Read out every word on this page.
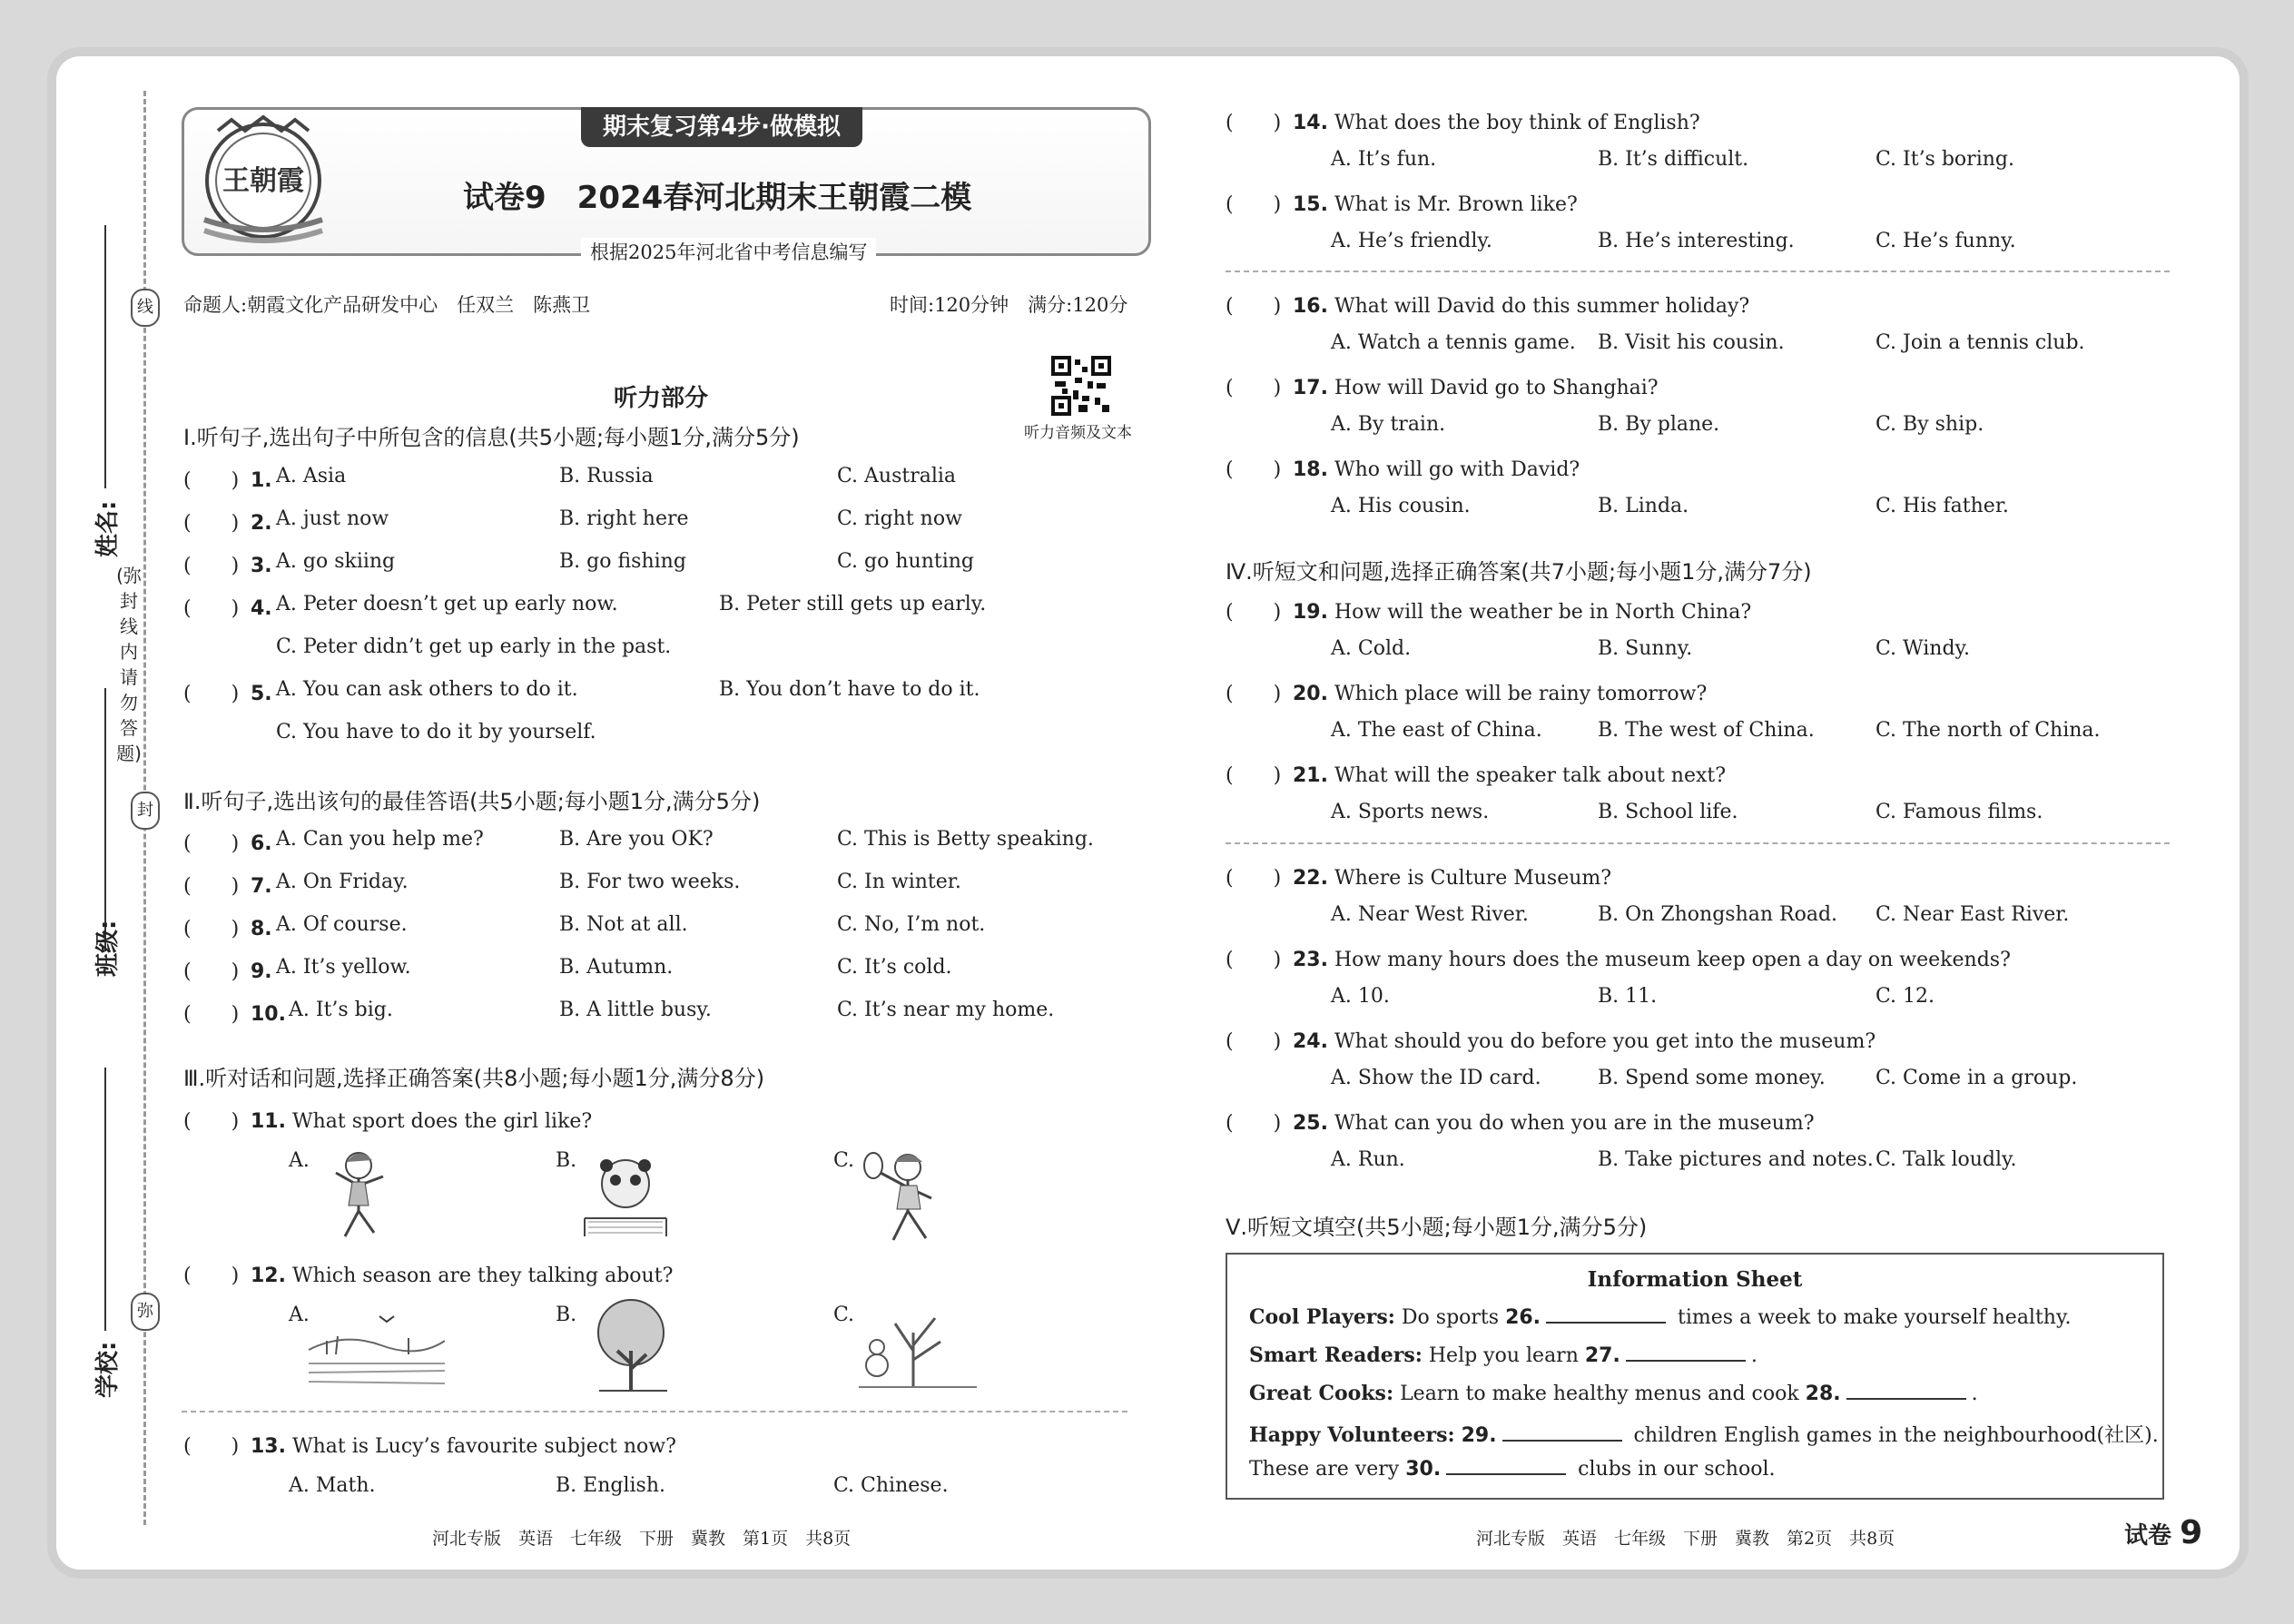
线
封
弥
(弥封线内请勿答题)
姓名:
班级:
学校:
期末复习第4步·做模拟
王朝霞	试卷9　2024春河北期末王朝霞二模
根据2025年河北省中考信息编写
命题人:朝霞文化产品研发中心　任双兰　陈燕卫	时间:120分钟　满分:120分
听力音频及文本
听力部分
Ⅰ.听句子,选出句子中所包含的信息(共5小题;每小题1分,满分5分)
(　　) 1. A. Asia	B. Russia	C. Australia
(　　) 2. A. just now	B. right here	C. right now
(　　) 3. A. go skiing	B. go fishing	C. go hunting
(　　) 4. A. Peter doesn’t get up early now.	B. Peter still gets up early.
C. Peter didn’t get up early in the past.
(　　) 5. A. You can ask others to do it.	B. You don’t have to do it.
C. You have to do it by yourself.
Ⅱ.听句子,选出该句的最佳答语(共5小题;每小题1分,满分5分)
(　　) 6. A. Can you help me?	B. Are you OK?	C. This is Betty speaking.
(　　) 7. A. On Friday.	B. For two weeks.	C. In winter.
(　　) 8. A. Of course.	B. Not at all.	C. No, I’m not.
(　　) 9. A. It’s yellow.	B. Autumn.	C. It’s cold.
(　　) 10. A. It’s big.	B. A little busy.	C. It’s near my home.
Ⅲ.听对话和问题,选择正确答案(共8小题;每小题1分,满分8分)
(　　) 11. What sport does the girl like?
A.	B.	C.
(　　) 12. Which season are they talking about?
A.	B.	C.
(　　) 13. What is Lucy’s favourite subject now?
A. Math.	B. English.	C. Chinese.
河北专版　英语　七年级　下册　冀教　第1页　共8页
(　　) 14. What does the boy think of English?
A. It’s fun.	B. It’s difficult.	C. It’s boring.
(　　) 15. What is Mr. Brown like?
A. He’s friendly.	B. He’s interesting.	C. He’s funny.
(　　) 16. What will David do this summer holiday?
A. Watch a tennis game. B. Visit his cousin.	C. Join a tennis club.
(　　) 17. How will David go to Shanghai?
A. By train.	B. By plane.	C. By ship.
(　　) 18. Who will go with David?
A. His cousin.	B. Linda.	C. His father.
Ⅳ.听短文和问题,选择正确答案(共7小题;每小题1分,满分7分)
(　　) 19. How will the weather be in North China?
A. Cold.	B. Sunny.	C. Windy.
(　　) 20. Which place will be rainy tomorrow?
A. The east of China.	B. The west of China.	C. The north of China.
(　　) 21. What will the speaker talk about next?
A. Sports news.	B. School life.	C. Famous films.
(　　) 22. Where is Culture Museum?
A. Near West River.	B. On Zhongshan Road. C. Near East River.
(　　) 23. How many hours does the museum keep open a day on weekends?
A. 10.	B. 11.	C. 12.
(　　) 24. What should you do before you get into the museum?
A. Show the ID card.	B. Spend some money.	C. Come in a group.
(　　) 25. What can you do when you are in the museum?
A. Run.	B. Take pictures and notes. C. Talk loudly.
Ⅴ.听短文填空(共5小题;每小题1分,满分5分)
Information Sheet
Cool Players: Do sports 26.	times a week to make yourself healthy.
Smart Readers: Help you learn 27.	.
Great Cooks: Learn to make healthy menus and cook 28.	.
Happy Volunteers: 29.	children English games in the neighbourhood(社区).
These are very 30.	clubs in our school.
河北专版　英语　七年级　下册　冀教　第2页　共8页	试卷 9
